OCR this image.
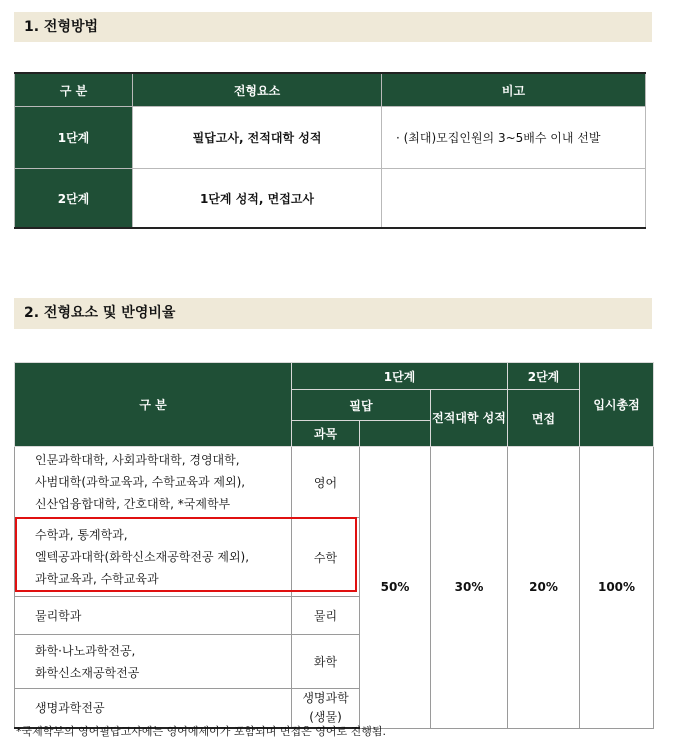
1. 전형방법
구 분	전형요소	비고
1단계	필답고사, 전적대학 성적	· (최대)모집인원의 3~5배수 이내 선발
2단계	1단계 성적, 면접고사	
2. 전형요소 및 반영비율
구 분	1단계			2단계	입시총점
	필답		전적대학 성적	면접	
	과목				

인문과학대학, 사회과학대학, 경영대학,
사범대학(과학교육과, 수학교육과 제외),
신산업융합대학, 간호대학, *국제학부	영어	50%	30%	20%	100%

수학과, 통계학과,
엘텍공과대학(화학신소재공학전공 제외),
과학교육과, 수학교육과	수학				

물리학과	물리				

화학·나노과학전공,
화학신소재공학전공	화학				

생명과학전공	생명과학 (생물)				
*국제학부의 영어필답고사에는 영어에세이가 포함되며 면접은 영어로 진행됨.
